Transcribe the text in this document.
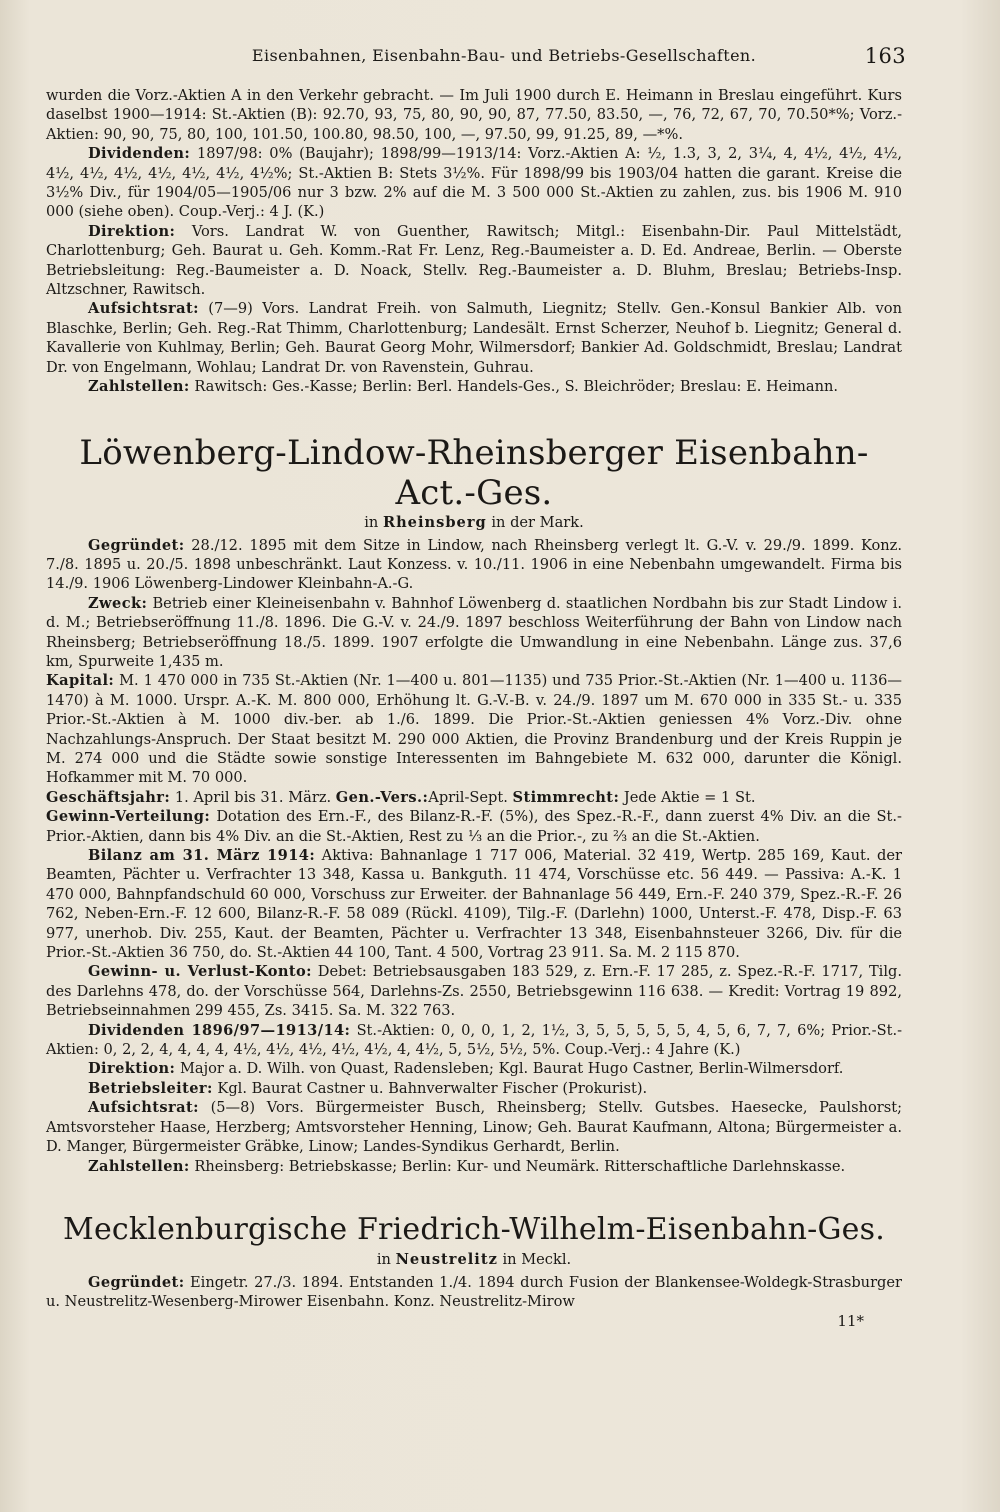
Eisenbahnen, Eisenbahn-Bau- und Betriebs-Gesellschaften.	163

wurden die Vorz.-Aktien A in den Verkehr gebracht. — Im Juli 1900 durch E. Heimann in Breslau eingeführt. Kurs daselbst 1900—1914: St.-Aktien (B): 92.70, 93, 75, 80, 90, 90, 87, 77.50, 83.50, —, 76, 72, 67, 70, 70.50*%; Vorz.-Aktien: 90, 90, 75, 80, 100, 101.50, 100.80, 98.50, 100, —, 97.50, 99, 91.25, 89, —*%.

Dividenden: 1897/98: 0% (Baujahr); 1898/99—1913/14: Vorz.-Aktien A: ½, 1.3, 3, 2, 3¼, 4, 4½, 4½, 4½, 4½, 4½, 4½, 4½, 4½, 4½, 4½%; St.-Aktien B: Stets 3½%. Für 1898/99 bis 1903/04 hatten die garant. Kreise die 3½% Div., für 1904/05—1905/06 nur 3 bzw. 2% auf die M. 3 500 000 St.-Aktien zu zahlen, zus. bis 1906 M. 910 000 (siehe oben). Coup.-Verj.: 4 J. (K.)

Direktion: Vors. Landrat W. von Guenther, Rawitsch; Mitgl.: Eisenbahn-Dir. Paul Mittelstädt, Charlottenburg; Geh. Baurat u. Geh. Komm.-Rat Fr. Lenz, Reg.-Baumeister a. D. Ed. Andreae, Berlin. — Oberste Betriebsleitung: Reg.-Baumeister a. D. Noack, Stellv. Reg.-Baumeister a. D. Bluhm, Breslau; Betriebs-Insp. Altzschner, Rawitsch.

Aufsichtsrat: (7—9) Vors. Landrat Freih. von Salmuth, Liegnitz; Stellv. Gen.-Konsul Bankier Alb. von Blaschke, Berlin; Geh. Reg.-Rat Thimm, Charlottenburg; Landesält. Ernst Scherzer, Neuhof b. Liegnitz; General d. Kavallerie von Kuhlmay, Berlin; Geh. Baurat Georg Mohr, Wilmersdorf; Bankier Ad. Goldschmidt, Breslau; Landrat Dr. von Engelmann, Wohlau; Landrat Dr. von Ravenstein, Guhrau.

Zahlstellen: Rawitsch: Ges.-Kasse; Berlin: Berl. Handels-Ges., S. Bleichröder; Breslau: E. Heimann.

Löwenberg-Lindow-Rheinsberger Eisenbahn-Act.-Ges.
in Rheinsberg in der Mark.

Gegründet: 28./12. 1895 mit dem Sitze in Lindow, nach Rheinsberg verlegt lt. G.-V. v. 29./9. 1899. Konz. 7./8. 1895 u. 20./5. 1898 unbeschränkt. Laut Konzess. v. 10./11. 1906 in eine Nebenbahn umgewandelt. Firma bis 14./9. 1906 Löwenberg-Lindower Kleinbahn-A.-G.

Zweck: Betrieb einer Kleineisenbahn v. Bahnhof Löwenberg d. staatlichen Nordbahn bis zur Stadt Lindow i. d. M.; Betriebseröffnung 11./8. 1896. Die G.-V. v. 24./9. 1897 beschloss Weiterführung der Bahn von Lindow nach Rheinsberg; Betriebseröffnung 18./5. 1899. 1907 erfolgte die Umwandlung in eine Nebenbahn. Länge zus. 37,6 km, Spurweite 1,435 m.

Kapital: M. 1 470 000 in 735 St.-Aktien (Nr. 1—400 u. 801—1135) und 735 Prior.-St.-Aktien (Nr. 1—400 u. 1136—1470) à M. 1000. Urspr. A.-K. M. 800 000, Erhöhung lt. G.-V.-B. v. 24./9. 1897 um M. 670 000 in 335 St.- u. 335 Prior.-St.-Aktien à M. 1000 div.-ber. ab 1./6. 1899. Die Prior.-St.-Aktien geniessen 4% Vorz.-Div. ohne Nachzahlungs-Anspruch. Der Staat besitzt M. 290 000 Aktien, die Provinz Brandenburg und der Kreis Ruppin je M. 274 000 und die Städte sowie sonstige Interessenten im Bahngebiete M. 632 000, darunter die Königl. Hofkammer mit M. 70 000.

Geschäftsjahr: 1. April bis 31. März. Gen.-Vers.:April-Sept. Stimmrecht: Jede Aktie = 1 St.

Gewinn-Verteilung: Dotation des Ern.-F., des Bilanz-R.-F. (5%), des Spez.-R.-F., dann zuerst 4% Div. an die St.-Prior.-Aktien, dann bis 4% Div. an die St.-Aktien, Rest zu ⅓ an die Prior.-, zu ⅔ an die St.-Aktien.

Bilanz am 31. März 1914: Aktiva: Bahnanlage 1 717 006, Material. 32 419, Wertp. 285 169, Kaut. der Beamten, Pächter u. Verfrachter 13 348, Kassa u. Bankguth. 11 474, Vorschüsse etc. 56 449. — Passiva: A.-K. 1 470 000, Bahnpfandschuld 60 000, Vorschuss zur Erweiter. der Bahnanlage 56 449, Ern.-F. 240 379, Spez.-R.-F. 26 762, Neben-Ern.-F. 12 600, Bilanz-R.-F. 58 089 (Rückl. 4109), Tilg.-F. (Darlehn) 1000, Unterst.-F. 478, Disp.-F. 63 977, unerhob. Div. 255, Kaut. der Beamten, Pächter u. Verfrachter 13 348, Eisenbahnsteuer 3266, Div. für die Prior.-St.-Aktien 36 750, do. St.-Aktien 44 100, Tant. 4 500, Vortrag 23 911. Sa. M. 2 115 870.

Gewinn- u. Verlust-Konto: Debet: Betriebsausgaben 183 529, z. Ern.-F. 17 285, z. Spez.-R.-F. 1717, Tilg. des Darlehns 478, do. der Vorschüsse 564, Darlehns-Zs. 2550, Betriebsgewinn 116 638. — Kredit: Vortrag 19 892, Betriebseinnahmen 299 455, Zs. 3415. Sa. M. 322 763.

Dividenden 1896/97—1913/14: St.-Aktien: 0, 0, 0, 1, 2, 1½, 3, 5, 5, 5, 5, 5, 4, 5, 6, 7, 7, 6%; Prior.-St.-Aktien: 0, 2, 2, 4, 4, 4, 4, 4½, 4½, 4½, 4½, 4½, 4, 4½, 5, 5½, 5½, 5%. Coup.-Verj.: 4 Jahre (K.)

Direktion: Major a. D. Wilh. von Quast, Radensleben; Kgl. Baurat Hugo Castner, Berlin-Wilmersdorf.

Betriebsleiter: Kgl. Baurat Castner u. Bahnverwalter Fischer (Prokurist).

Aufsichtsrat: (5—8) Vors. Bürgermeister Busch, Rheinsberg; Stellv. Gutsbes. Haesecke, Paulshorst; Amtsvorsteher Haase, Herzberg; Amtsvorsteher Henning, Linow; Geh. Baurat Kaufmann, Altona; Bürgermeister a. D. Manger, Bürgermeister Gräbke, Linow; Landes-Syndikus Gerhardt, Berlin.

Zahlstellen: Rheinsberg: Betriebskasse; Berlin: Kur- und Neumärk. Ritterschaftliche Darlehnskasse.

Mecklenburgische Friedrich-Wilhelm-Eisenbahn-Ges.
in Neustrelitz in Meckl.

Gegründet: Eingetr. 27./3. 1894. Entstanden 1./4. 1894 durch Fusion der Blankensee-Woldegk-Strasburger u. Neustrelitz-Wesenberg-Mirower Eisenbahn. Konz. Neustrelitz-Mirow

11*
